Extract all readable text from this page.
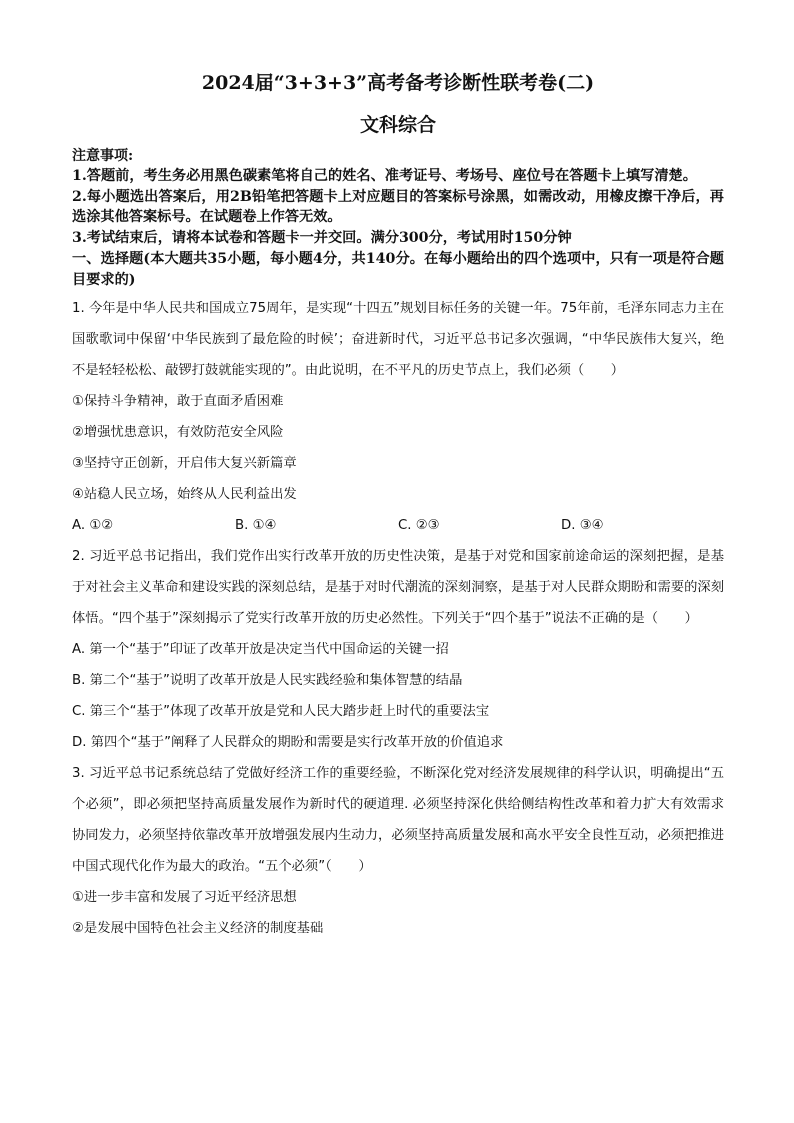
2024届“3+3+3”高考备考诊断性联考卷(二)
文科综合
注意事项:
1.答题前，考生务必用黑色碳素笔将自己的姓名、准考证号、考场号、座位号在答题卡上填写清楚。
2.每小题选出答案后，用2B铅笔把答题卡上对应题目的答案标号涂黑，如需改动，用橡皮擦干净后，再选涂其他答案标号。在试题卷上作答无效。
3.考试结束后，请将本试卷和答题卡一并交回。满分300分，考试用时150分钟
一、选择题(本大题共35小题，每小题4分，共140分。在每小题给出的四个选项中，只有一项是符合题目要求的)

1. 今年是中华人民共和国成立75周年，是实现“十四五”规划目标任务的关键一年。75年前，毛泽东同志力主在国歌歌词中保留‘中华民族到了最危险的时候’；奋进新时代，习近平总书记多次强调，“中华民族伟大复兴，绝不是轻轻松松、敲锣打鼓就能实现的”。由此说明，在不平凡的历史节点上，我们必须（　　）

①保持斗争精神，敢于直面矛盾困难

②增强忧患意识，有效防范安全风险

③坚持守正创新，开启伟大复兴新篇章

④站稳人民立场，始终从人民利益出发

A. ①②	B. ①④	C. ②③	D. ③④

2. 习近平总书记指出，我们党作出实行改革开放的历史性决策，是基于对党和国家前途命运的深刻把握，是基于对社会主义革命和建设实践的深刻总结，是基于对时代潮流的深刻洞察，是基于对人民群众期盼和需要的深刻体悟。“四个基于”深刻揭示了党实行改革开放的历史必然性。下列关于“四个基于”说法不正确的是（　　）

A. 第一个“基于”印证了改革开放是决定当代中国命运的关键一招

B. 第二个“基于”说明了改革开放是人民实践经验和集体智慧的结晶

C. 第三个“基于”体现了改革开放是党和人民大踏步赶上时代的重要法宝

D. 第四个“基于”阐释了人民群众的期盼和需要是实行改革开放的价值追求

3. 习近平总书记系统总结了党做好经济工作的重要经验，不断深化党对经济发展规律的科学认识，明确提出“五个必须”，即必须把坚持高质量发展作为新时代的硬道理. 必须坚持深化供给侧结构性改革和着力扩大有效需求协同发力，必须坚持依靠改革开放增强发展内生动力，必须坚持高质量发展和高水平安全良性互动，必须把推进中国式现代化作为最大的政治。“五个必须”（　　）

①进一步丰富和发展了习近平经济思想

②是发展中国特色社会主义经济的制度基础
